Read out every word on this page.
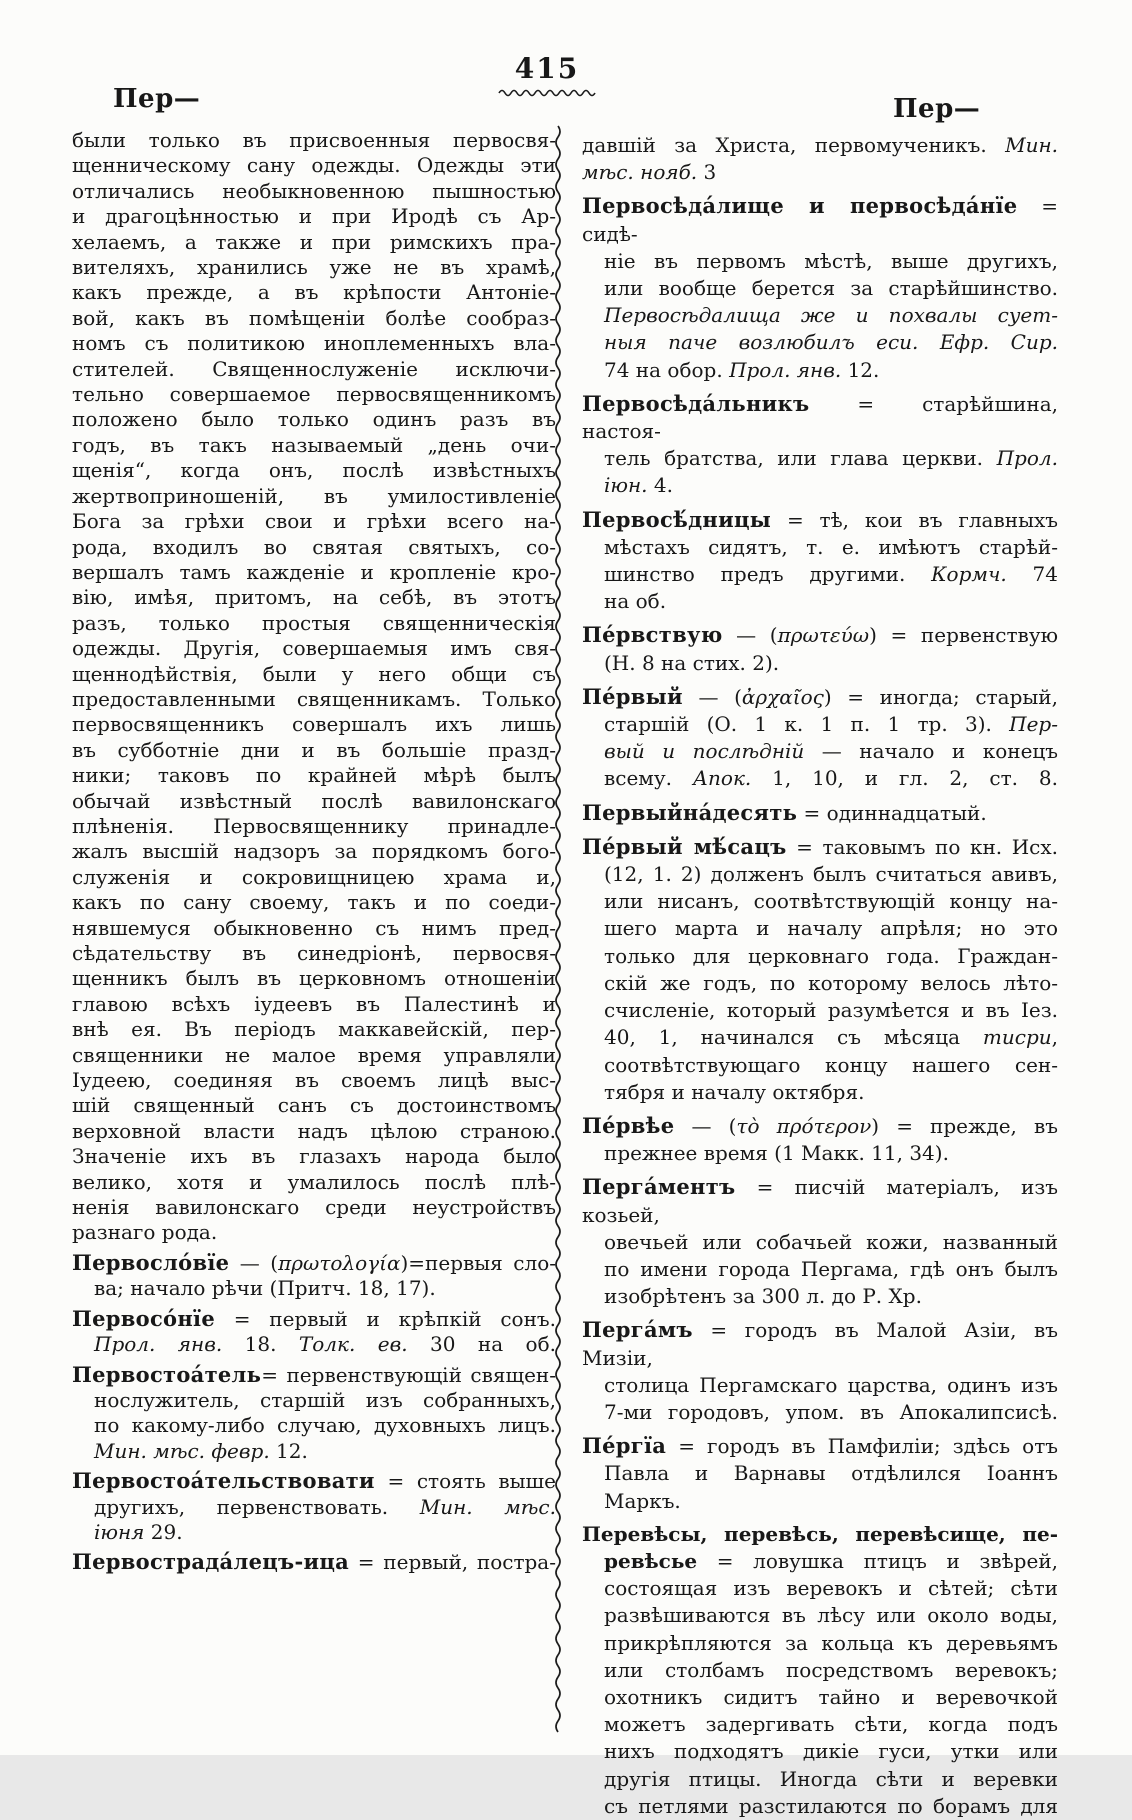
415
Пер—	Пер—
были только въ присвоенныя первосвя-
щенническому сану одежды. Одежды эти
отличались необыкновенною пышностью
и драгоцѣнностью и при Иродѣ съ Ар-
хелаемъ, а также и при римскихъ пра-
вителяхъ, хранились уже не въ храмѣ,
какъ прежде, а въ крѣпости Антоніе-
вой, какъ въ помѣщеніи болѣе сообраз-
номъ съ политикою иноплеменныхъ вла-
стителей. Священнослуженіе исключи-
тельно совершаемое первосвященникомъ
положено было только одинъ разъ въ
годъ, въ такъ называемый „день очи-
щенія“, когда онъ, послѣ извѣстныхъ
жертвоприношеній, въ умилостивленіе
Бога за грѣхи свои и грѣхи всего на-
рода, входилъ во святая святыхъ, со-
вершалъ тамъ кажденіе и кропленіе кро-
вію, имѣя, притомъ, на себѣ, въ этотъ
разъ, только простыя священническія
одежды. Другія, совершаемыя имъ свя-
щеннодѣйствія, были у него общи съ
предоставленными священникамъ. Только
первосвященникъ совершалъ ихъ лишь
въ субботніе дни и въ большіе празд-
ники; таковъ по крайней мѣрѣ былъ
обычай извѣстный послѣ вавилонскаго
плѣненія. Первосвященнику принадле-
жалъ высшій надзоръ за порядкомъ бого-
служенія и сокровищницею храма и,
какъ по сану своему, такъ и по соеди-
нявшемуся обыкновенно съ нимъ пред-
сѣдательству въ синедріонѣ, первосвя-
щенникъ былъ въ церковномъ отношеніи
главою всѣхъ іудеевъ въ Палестинѣ и
внѣ ея. Въ періодъ маккавейскій, пер-
священники не малое время управляли
Іудеею, соединяя въ своемъ лицѣ выс-
шій священный санъ съ достоинствомъ
верховной власти надъ цѣлою страною.
Значеніе ихъ въ глазахъ народа было
велико, хотя и умалилось послѣ плѣ-
ненія вавилонскаго среди неустройствъ
разнаго рода.
Первосло́вїе — (πρωτολογία)=первыя сло-
ва; начало рѣчи (Притч. 18, 17).
Первосо́нїе = первый и крѣпкій сонъ.
Прол. янв. 18. Толк. ев. 30 на об.
Первостоа́тель= первенствующій священ-
нослужитель, старшій изъ собранныхъ,
по какому-либо случаю, духовныхъ лицъ.
Мин. мѣс. февр. 12.
Первостоа́тельствовати = стоять выше
другихъ, первенствовать. Мин. мѣс.
іюня 29.
Первострада́лецъ-ица = первый, постра-
давшій за Христа, первомученикъ. Мин.
мѣс. нояб. 3
Первосѣда́лище и первосѣда́нїе = сидѣ-
ніе въ первомъ мѣстѣ, выше другихъ,
или вообще берется за старѣйшинство.
Первосѣдалища же и похвалы сует-
ныя паче возлюбилъ еси. Ефр. Сир.
74 на обор. Прол. янв. 12.
Первосѣда́льникъ = старѣйшина, настоя-
тель братства, или глава церкви. Прол.
іюн. 4.
Первосѣ́дницы = тѣ, кои въ главныхъ
мѣстахъ сидятъ, т. е. имѣютъ старѣй-
шинство предъ другими. Кормч. 74
на об.
Пе́рвствую — (πρωτεύω) = первенствую
(Н. 8 на стих. 2).
Пе́рвый — (ἀρχαῖος) = иногда; старый,
старшій (О. 1 к. 1 п. 1 тр. 3). Пер-
вый и послѣдній — начало и конецъ
всему. Апок. 1, 10, и гл. 2, ст. 8.
Первыйна́десять = одиннадцатый.
Пе́рвый мѣ́сацъ = таковымъ по кн. Исх.
(12, 1. 2) долженъ былъ считаться авивъ,
или нисанъ, соотвѣтствующій концу на-
шего марта и началу апрѣля; но это
только для церковнаго года. Граждан-
скій же годъ, по которому велось лѣто-
счисленіе, который разумѣется и въ Іез.
40, 1, начинался съ мѣсяца тисри,
соотвѣтствующаго концу нашего сен-
тября и началу октября.
Пе́рвѣе — (τὸ πρότερον) = прежде, въ
прежнее время (1 Макк. 11, 34).
Перга́ментъ = писчій матеріалъ, изъ козьей,
овечьей или собачьей кожи, названный
по имени города Пергама, гдѣ онъ былъ
изобрѣтенъ за 300 л. до Р. Хр.
Перга́мъ = городъ въ Малой Азіи, въ Мизіи,
столица Пергамскаго царства, одинъ изъ
7-ми городовъ, упом. въ Апокалипсисѣ.
Пе́ргїа = городъ въ Памфиліи; здѣсь отъ
Павла и Варнавы отдѣлился Іоаннъ
Маркъ.
Перевѣсы, перевѣсь, перевѣсище, пе-
ревѣсье = ловушка птицъ и звѣрей,
состоящая изъ веревокъ и сѣтей; сѣти
развѣшиваются въ лѣсу или около воды,
прикрѣпляются за кольца къ деревьямъ
или столбамъ посредствомъ веревокъ;
охотникъ сидитъ тайно и веревочкой
можетъ задергивать сѣти, когда подъ
нихъ подходятъ дикіе гуси, утки или
другія птицы. Иногда сѣти и веревки
съ петлями разстилаются по борамъ для
